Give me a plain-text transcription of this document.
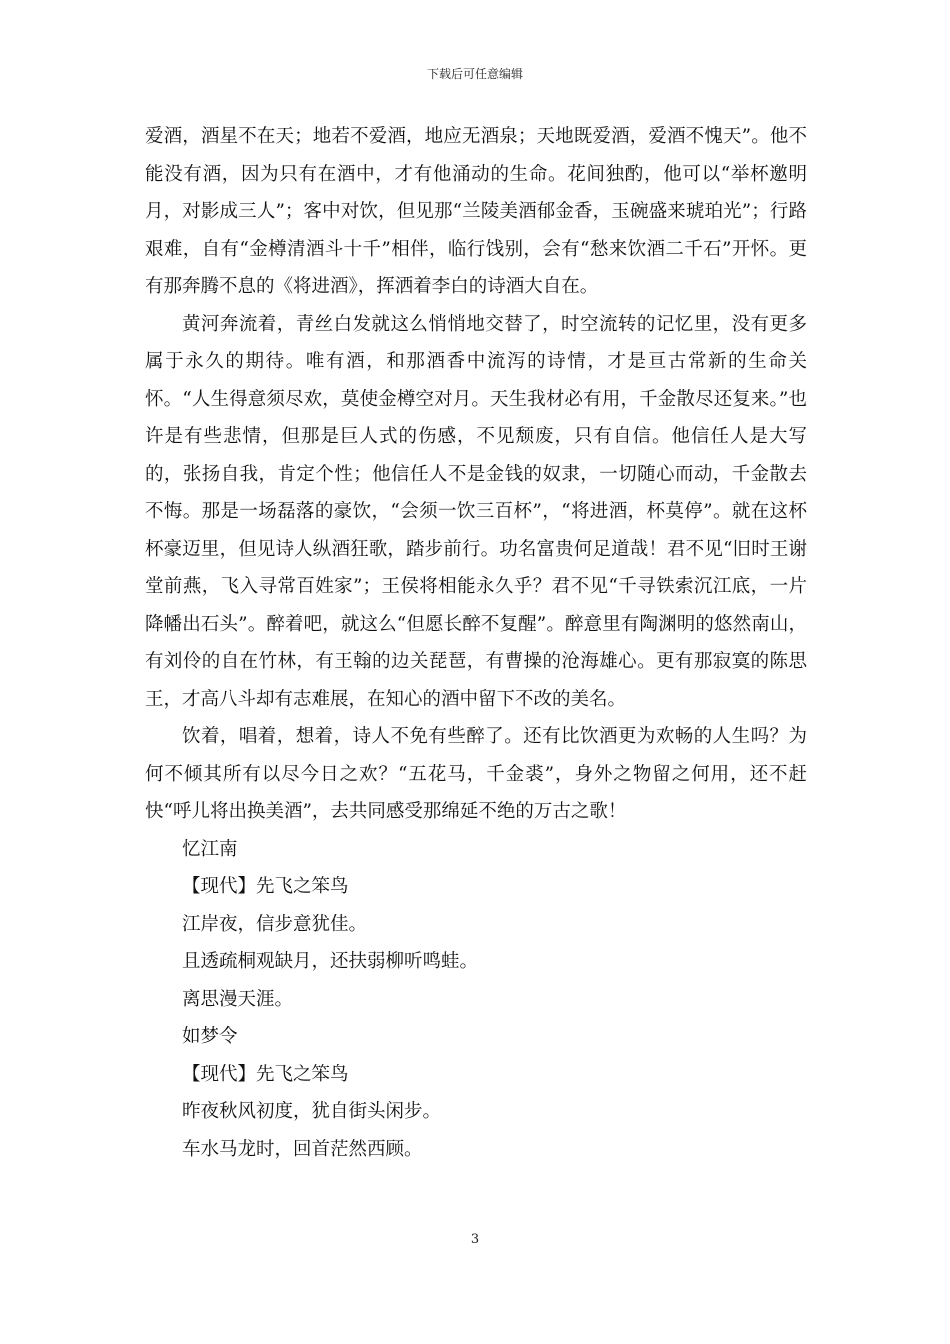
下载后可任意编辑

爱酒，酒星不在天；地若不爱酒，地应无酒泉；天地既爱酒，爱酒不愧天”。他不能没有酒，因为只有在酒中，才有他涌动的生命。花间独酌，他可以“举杯邀明月，对影成三人”；客中对饮，但见那“兰陵美酒郁金香，玉碗盛来琥珀光”；行路艰难，自有“金樽清酒斗十千”相伴，临行饯别，会有“愁来饮酒二千石”开怀。更有那奔腾不息的《将进酒》，挥洒着李白的诗酒大自在。

黄河奔流着，青丝白发就这么悄悄地交替了，时空流转的记忆里，没有更多属于永久的期待。唯有酒，和那酒香中流泻的诗情，才是亘古常新的生命关怀。“人生得意须尽欢，莫使金樽空对月。天生我材必有用，千金散尽还复来。”也许是有些悲情，但那是巨人式的伤感，不见颓废，只有自信。他信任人是大写的，张扬自我，肯定个性；他信任人不是金钱的奴隶，一切随心而动，千金散去不悔。那是一场磊落的豪饮，“会须一饮三百杯”，“将进酒，杯莫停”。就在这杯杯豪迈里，但见诗人纵酒狂歌，踏步前行。功名富贵何足道哉！君不见“旧时王谢堂前燕，飞入寻常百姓家”；王侯将相能永久乎？君不见“千寻铁索沉江底，一片降幡出石头”。醉着吧，就这么“但愿长醉不复醒”。醉意里有陶渊明的悠然南山，有刘伶的自在竹林，有王翰的边关琵琶，有曹操的沧海雄心。更有那寂寞的陈思王，才高八斗却有志难展，在知心的酒中留下不改的美名。

饮着，唱着，想着，诗人不免有些醉了。还有比饮酒更为欢畅的人生吗？为何不倾其所有以尽今日之欢？“五花马，千金裘”，身外之物留之何用，还不赶快“呼儿将出换美酒”，去共同感受那绵延不绝的万古之歌！

忆江南

【现代】先飞之笨鸟

江岸夜，信步意犹佳。

且透疏桐观缺月，还扶弱柳听鸣蛙。

离思漫天涯。

如梦令

【现代】先飞之笨鸟

昨夜秋风初度，犹自街头闲步。

车水马龙时，回首茫然西顾。

3
